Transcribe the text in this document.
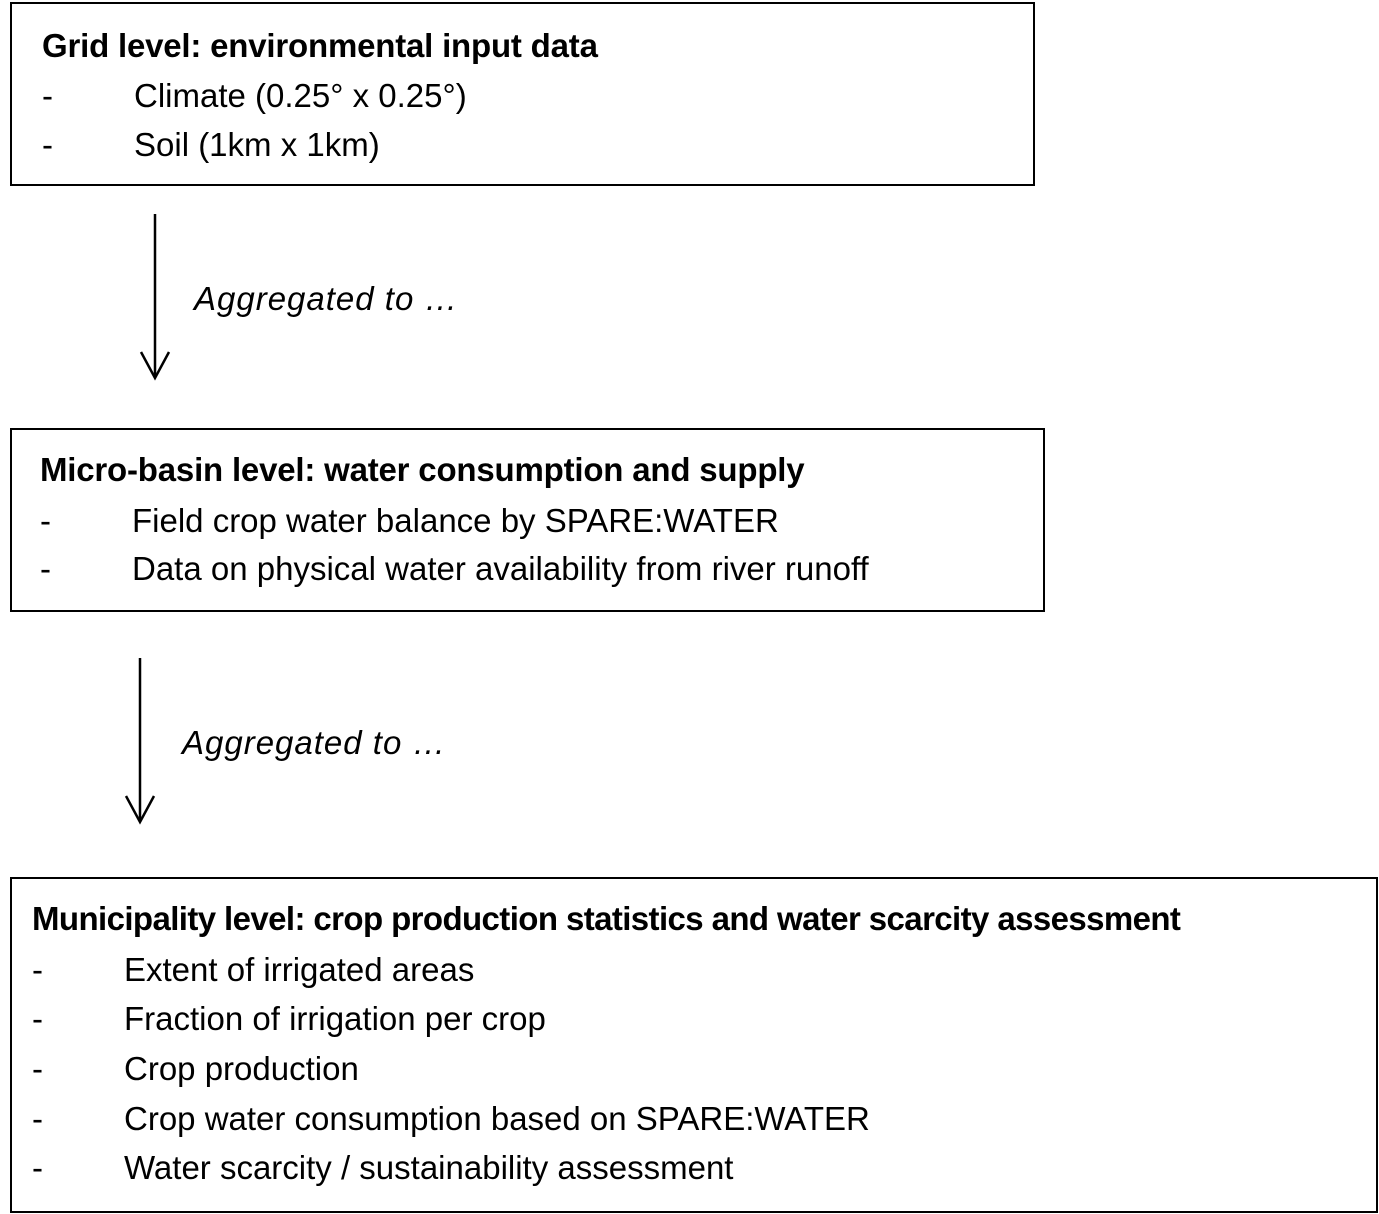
Grid level: environmental input data
- Climate (0.25° x 0.25°)
- Soil (1km x 1km)
Aggregated to …
Micro-basin level: water consumption and supply
- Field crop water balance by SPARE:WATER
- Data on physical water availability from river runoff
Aggregated to …
Municipality level: crop production statistics and water scarcity assessment
- Extent of irrigated areas
- Fraction of irrigation per crop
- Crop production
- Crop water consumption based on SPARE:WATER
- Water scarcity / sustainability assessment
